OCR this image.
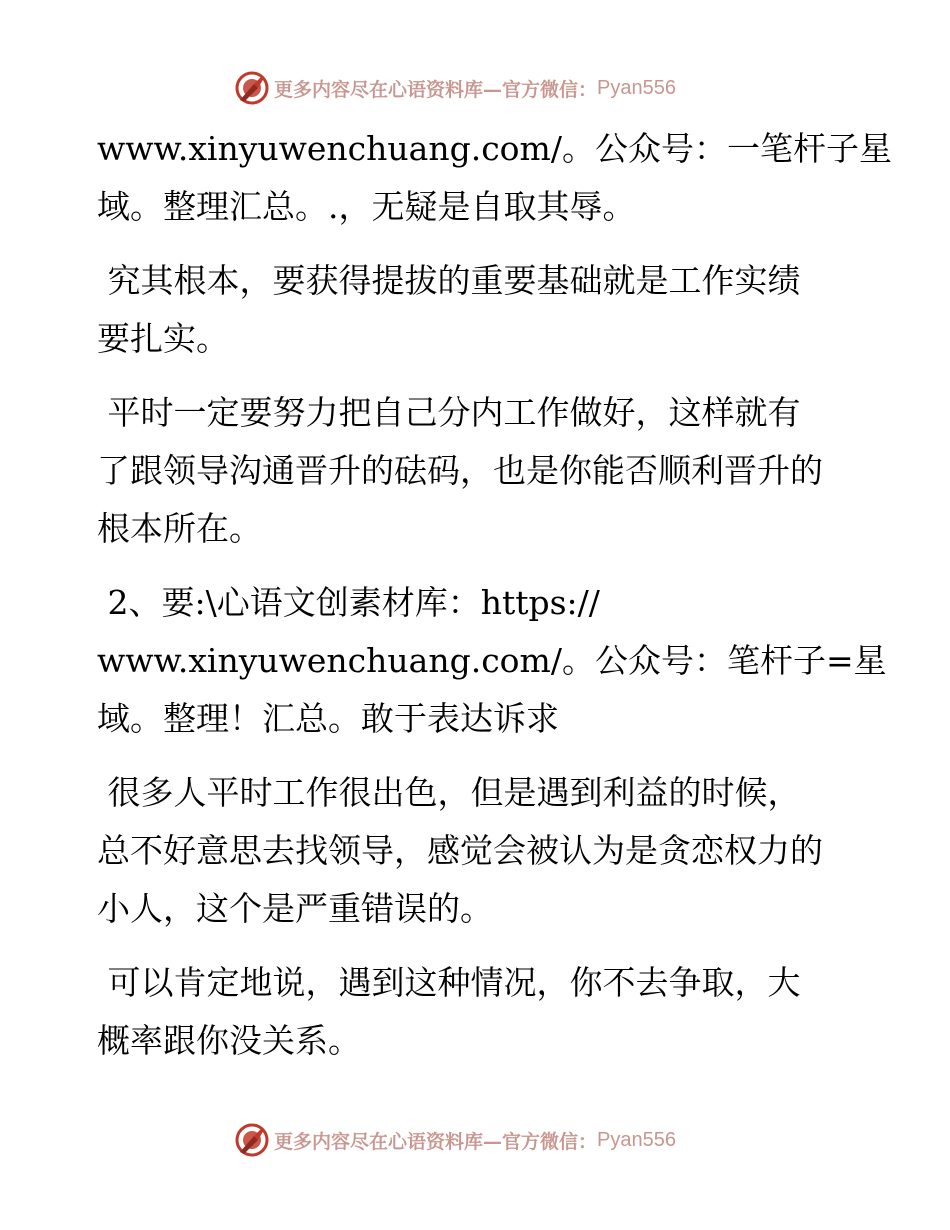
更多内容尽在心语资料库—官方微信： Pyan556

www.xinyuwenchuang.com/。公众号：一笔杆子星
域。整理汇总。.，无疑是自取其辱。

究其根本，要获得提拔的重要基础就是工作实绩
要扎实。

平时一定要努力把自己分内工作做好，这样就有
了跟领导沟通晋升的砝码，也是你能否顺利晋升的
根本所在。

2、要:\心语文创素材库：https://
www.xinyuwenchuang.com/。公众号：笔杆子=星
域。整理！汇总。敢于表达诉求

很多人平时工作很出色，但是遇到利益的时候，
总不好意思去找领导，感觉会被认为是贪恋权力的
小人，这个是严重错误的。

可以肯定地说，遇到这种情况，你不去争取，大
概率跟你没关系。

更多内容尽在心语资料库—官方微信： Pyan556
